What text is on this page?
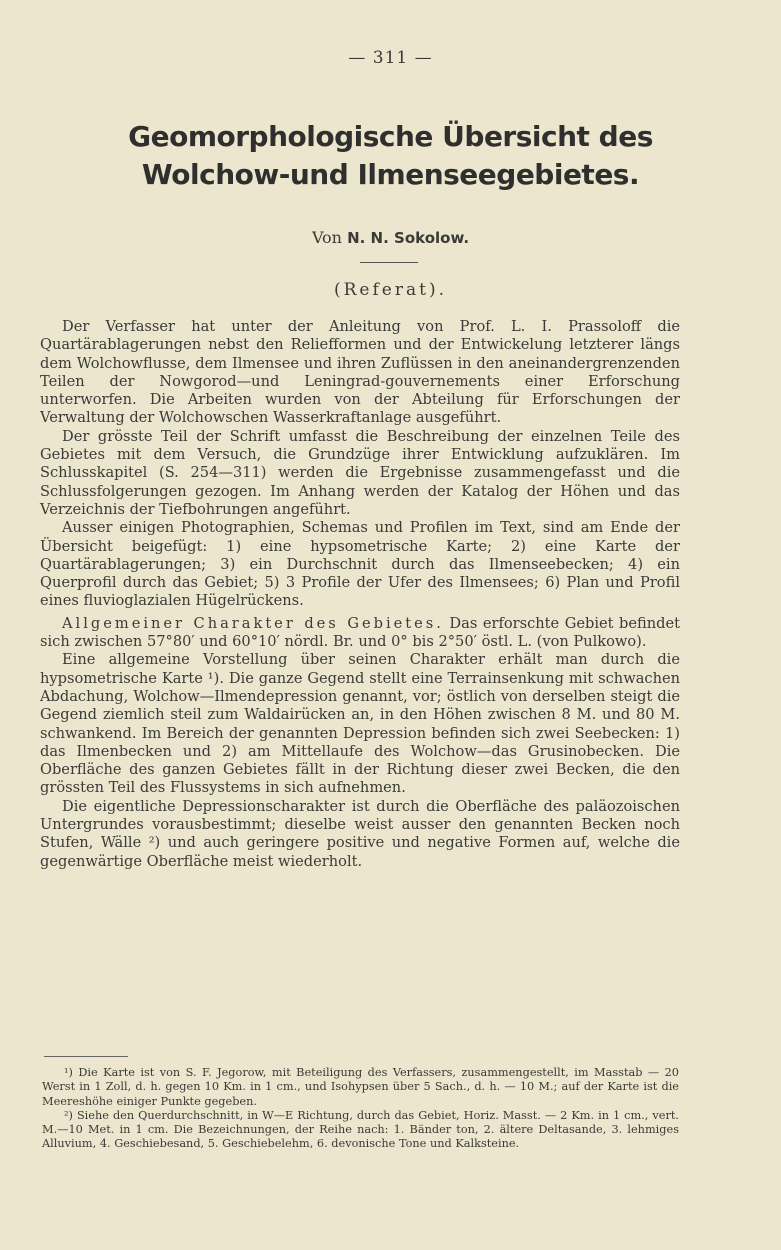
— 311 —
Geomorphologische Übersicht des Wolchow-und Ilmenseegebietes.
Von N. N. Sokolow.
(Referat).

Der Verfasser hat unter der Anleitung von Prof. L. I. Prassoloff die Quartärablagerungen nebst den Reliefformen und der Entwickelung letzterer längs dem Wolchowflusse, dem Ilmensee und ihren Zuflüssen in den aneinandergrenzenden Teilen der Nowgorod—und Leningrad-gouvernements einer Erforschung unterworfen. Die Arbeiten wurden von der Abteilung für Erforschungen der Verwaltung der Wolchowschen Wasserkraftanlage ausgeführt.

Der grösste Teil der Schrift umfasst die Beschreibung der einzelnen Teile des Gebietes mit dem Versuch, die Grundzüge ihrer Entwicklung aufzuklären. Im Schlusskapitel (S. 254—311) werden die Ergebnisse zusammengefasst und die Schlussfolgerungen gezogen. Im Anhang werden der Katalog der Höhen und das Verzeichnis der Tiefbohrungen angeführt.

Ausser einigen Photographien, Schemas und Profilen im Text, sind am Ende der Übersicht beigefügt: 1) eine hypsometrische Karte; 2) eine Karte der Quartärablagerungen; 3) ein Durchschnit durch das Ilmenseebecken; 4) ein Querprofil durch das Gebiet; 5) 3 Profile der Ufer des Ilmensees; 6) Plan und Profil eines fluvioglazialen Hügelrückens.

Allgemeiner Charakter des Gebietes. Das erforschte Gebiet befindet sich zwischen 57°80′ und 60°10′ nördl. Br. und 0° bis 2°50′ östl. L. (von Pulkowo).

Eine allgemeine Vorstellung über seinen Charakter erhält man durch die hypsometrische Karte ¹). Die ganze Gegend stellt eine Terrainsenkung mit schwachen Abdachung, Wolchow—Ilmendepression genannt, vor; östlich von derselben steigt die Gegend ziemlich steil zum Waldairücken an, in den Höhen zwischen 8 M. und 80 M. schwankend. Im Bereich der genannten Depression befinden sich zwei Seebecken: 1) das Ilmenbecken und 2) am Mittellaufe des Wolchow—das Grusinobecken. Die Oberfläche des ganzen Gebietes fällt in der Richtung dieser zwei Becken, die den grössten Teil des Flussystems in sich aufnehmen.

Die eigentliche Depressionscharakter ist durch die Oberfläche des paläozoischen Untergrundes vorausbestimmt; dieselbe weist ausser den genannten Becken noch Stufen, Wälle ²) und auch geringere positive und negative Formen auf, welche die gegenwärtige Oberfläche meist wiederholt.

¹) Die Karte ist von S. F. Jegorow, mit Beteiligung des Verfassers, zusammengestellt, im Masstab — 20 Werst in 1 Zoll, d. h. gegen 10 Km. in 1 cm., und Isohypsen über 5 Sach., d. h. — 10 M.; auf der Karte ist die Meereshöhe einiger Punkte gegeben.

²) Siehe den Querdurchschnitt, in W—E Richtung, durch das Gebiet, Horiz. Masst. — 2 Km. in 1 cm., vert. M.—10 Met. in 1 cm. Die Bezeichnungen, der Reihe nach: 1. Bänder ton, 2. ältere Deltasande, 3. lehmiges Alluvium, 4. Geschiebesand, 5. Geschiebelehm, 6. devonische Tone und Kalksteine.
